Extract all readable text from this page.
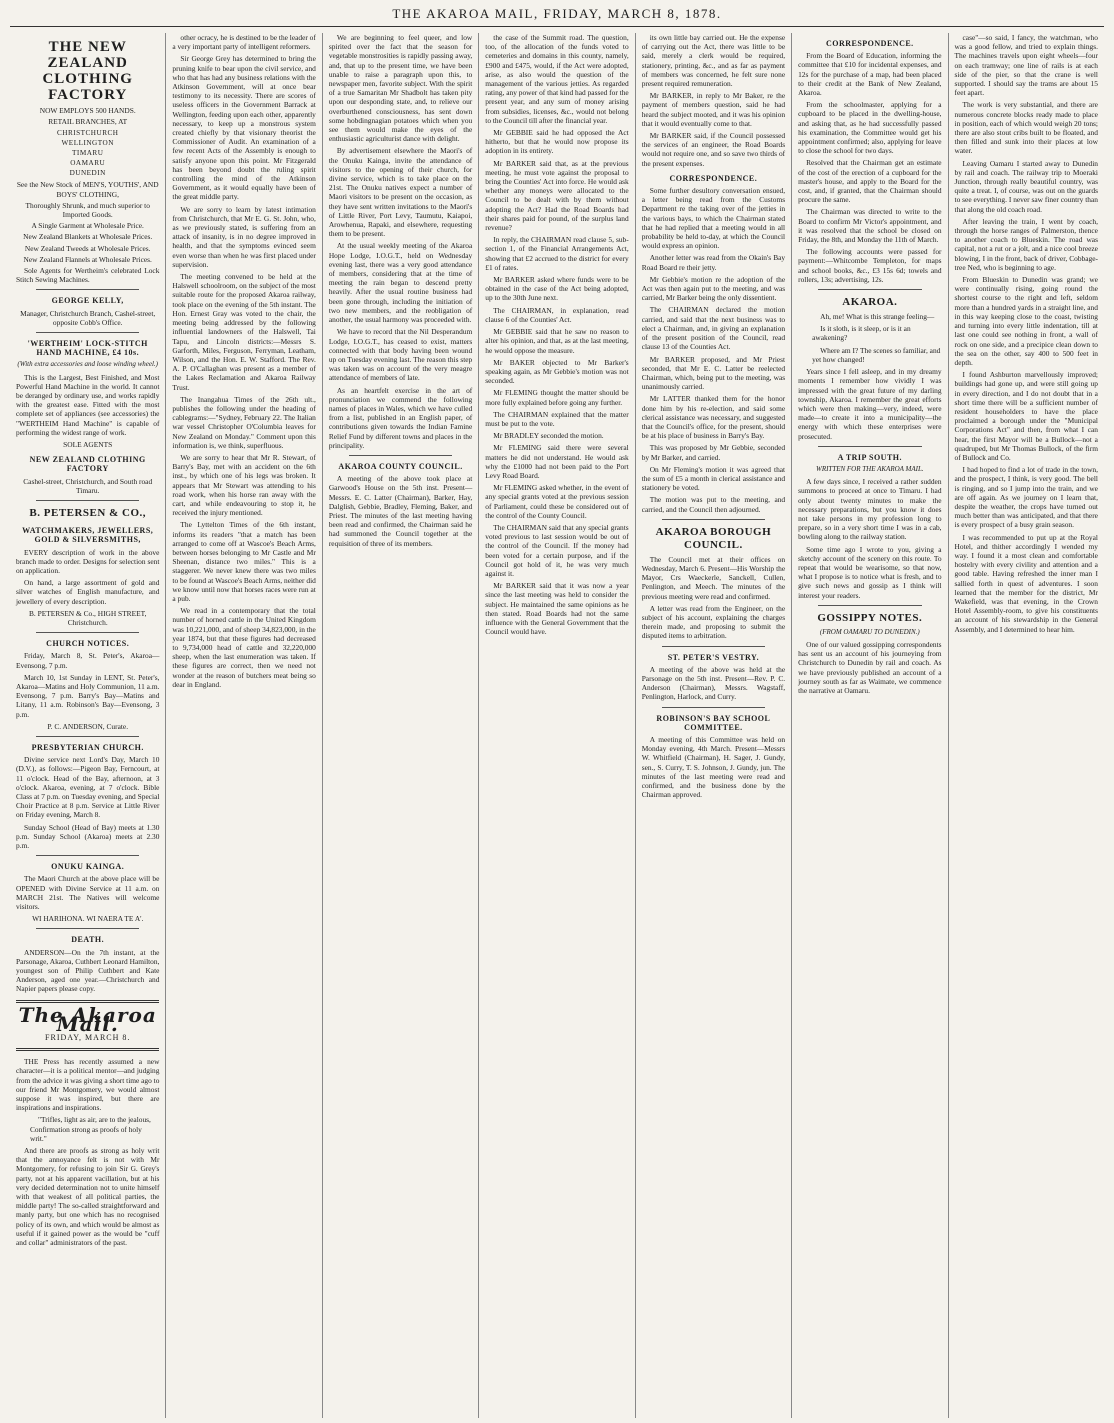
THE AKAROA MAIL, FRIDAY, MARCH 8, 1878.
THE NEW ZEALAND CLOTHING FACTORY
NOW EMPLOYS 500 HANDS.
RETAIL BRANCHES, AT
CHRISTCHURCH
WELLINGTON
TIMARU
OAMARU
DUNEDIN
See the New Stock of MEN'S, YOUTHS', AND BOYS' CLOTHING,
Thoroughly Shrunk, and much superior to Imported Goods.
A Single Garment at Wholesale Price.
New Zealand Blankets at Wholesale Prices.
New Zealand Tweeds at Wholesale Prices.
New Zealand Flannels at Wholesale Prices.

Sole Agents for Wertheim's celebrated Lock Stitch Sewing Machines.

GEORGE KELLY,
Manager, Christchurch Branch, Cashel-street, opposite Cobb's Office.
'WERTHEIM' LOCK-STITCH HAND MACHINE, £4 10s.
(With extra accessories and loose winding wheel.)

This is the Largest, Best Finished, and Most Powerful Hand Machine in the world. It cannot be deranged by ordinary use, and works rapidly with the greatest ease. Fitted with the most complete set of appliances (see accessories) the "WERTHEIM Hand Machine" is capable of performing the widest range of work.

SOLE AGENTS
NEW ZEALAND CLOTHING FACTORY
Cashel-street, Christchurch, and South road Timaru.
B. PETERSEN & CO.,
WATCHMAKERS, JEWELLERS, GOLD & SILVERSMITHS,

EVERY description of work in the above branch made to order. Designs for selection sent on application.

On hand, a large assortment of gold and silver watches of English manufacture, and jewellery of every description.

B. PETERSEN & Co., HIGH STREET, Christchurch.
CHURCH NOTICES.

Friday, March 8, St. Peter's, Akaroa—Evensong, 7 p.m.

March 10, 1st Sunday in LENT, St. Peter's, Akaroa—Matins and Holy Communion, 11 a.m. Evensong, 7 p.m. Barry's Bay—Matins and Litany, 11 a.m. Robinson's Bay—Evensong, 3 p.m.

P. C. ANDERSON, Curate.
PRESBYTERIAN CHURCH.

Divine service next Lord's Day, March 10 (D.V.), as follows:—Pigeon Bay, Ferncourt, at 11 o'clock. Head of the Bay, afternoon, at 3 o'clock. Akaroa, evening, at 7 o'clock. Bible Class at 7 p.m. on Tuesday evening, and Special Choir Practice at 8 p.m. Service at Little River on Friday evening, March 8.

Sunday School (Head of Bay) meets at 1.30 p.m. Sunday School (Akaroa) meets at 2.30 p.m.

ONUKU KAINGA.

The Maori Church at the above place will be OPENED with Divine Service at 11 a.m. on MARCH 21st. The Natives will welcome visitors.

WI HARIHONA. WI NAERA TE A'.
DEATH.

ANDERSON—On the 7th instant, at the Parsonage, Akaroa, Cuthbert Leonard Hamilton, youngest son of Philip Cuthbert and Kate Anderson, aged one year.—Christchurch and Napier papers please copy.

The Akaroa Mail.
FRIDAY, MARCH 8.

THE Press has recently assumed a new character—it is a political mentor—and judging from the advice it was giving a short time ago to our friend Mr Montgomery, we would almost suppose it was inspired, but there are inspirations and inspirations.

"Trifles, light as air, are to the jealous, Confirmation strong as proofs of holy writ."

And there are proofs as strong as holy writ that the annoyance felt is not with Mr Montgomery, for refusing to join Sir G. Grey's party, not at his apparent vacillation, but at his very decided determination not to unite himself with that weakest of all political parties, the middle party! The so-called straightforward and manly party, but one which has no recognised policy of its own, and which would be almost as useful if it gained power as the would be "cuff and collar" administrators of the past.

other ocracy, he is destined to be the leader of a very important party of intelligent reformers.

Sir George Grey has determined to bring the pruning knife to bear upon the civil service, and who that has had any business relations with the Atkinson Government, will at once bear testimony to its necessity. There are scores of useless officers in the Government Barrack at Wellington, feeding upon each other, apparently necessary, to keep up a monstrous system created chiefly by that visionary theorist the Commissioner of Audit. An examination of a few recent Acts of the Assembly is enough to satisfy anyone upon this point. Mr Fitzgerald has been beyond doubt the ruling spirit controlling the mind of the Atkinson Government, as it would equally have been of the great middle party.

We are sorry to learn by latest intimation from Christchurch, that Mr E. G. St. John, who, as we previously stated, is suffering from an attack of insanity, is in no degree improved in health, and that the symptoms evinced seem even worse than when he was first placed under supervision.

The meeting convened to be held at the Halswell schoolroom, on the subject of the most suitable route for the proposed Akaroa railway, took place on the evening of the 5th instant. The Hon. Ernest Gray was voted to the chair, the meeting being addressed by the following influential landowners of the Halswell, Tai Tapu, and Lincoln districts:—Messrs S. Garforth, Miles, Ferguson, Ferryman, Leatham, Wilson, and the Hon. E. W. Stafford. The Rev. A. P. O'Callaghan was present as a member of the Lakes Reclamation and Akaroa Railway Trust.

The Inangahua Times of the 26th ult., publishes the following under the heading of cablegrams:—"Sydney, February 22. The Italian war vessel Christopher O'Columbia leaves for New Zealand on Monday." Comment upon this information is, we think, superfluous.

We are sorry to hear that Mr R. Stewart, of Barry's Bay, met with an accident on the 6th inst., by which one of his legs was broken. It appears that Mr Stewart was attending to his road work, when his horse ran away with the cart, and while endeavouring to stop it, he received the injury mentioned.

The Lyttelton Times of the 6th instant, informs its readers "that a match has been arranged to come off at Wascoe's Beach Arms, between horses belonging to Mr Castle and Mr Sheenan, distance two miles." This is a staggerer. We never knew there was two miles to be found at Wascoe's Beach Arms, neither did we know until now that horses races were run at a pub.

We read in a contemporary that the total number of horned cattle in the United Kingdom was 10,221,000, and of sheep 34,823,000, in the year 1874, but that these figures had decreased to 9,734,000 head of cattle and 32,220,000 sheep, when the last enumeration was taken. If these figures are correct, then we need not wonder at the reason of butchers meat being so dear in England.

We are beginning to feel queer, and low spirited over the fact that the season for vegetable monstrosities is rapidly passing away, and, that up to the present time, we have been unable to raise a paragraph upon this, to newspaper men, favorite subject. With the spirit of a true Samaritan Mr Shadbolt has taken pity upon our desponding state, and, to relieve our overburthened consciousness, has sent down some hobdingnagian potatoes which when you see them would make the eyes of the enthusiastic agriculturist dance with delight.

By advertisement elsewhere the Maori's of the Onuku Kainga, invite the attendance of visitors to the opening of their church, for divine service, which is to take place on the 21st. The Onuku natives expect a number of Maori visitors to be present on the occasion, as they have sent written invitations to the Maori's of Little River, Port Levy, Taumutu, Kaiapoi, Arowhenua, Rapaki, and elsewhere, requesting them to be present.

At the usual weekly meeting of the Akaroa Hope Lodge, I.O.G.T., held on Wednesday evening last, there was a very good attendance of members, considering that at the time of meeting the rain began to descend pretty heavily. After the usual routine business had been gone through, including the initiation of two new members, and the reobligation of another, the usual harmony was proceeded with.

We have to record that the Nil Desperandum Lodge, I.O.G.T., has ceased to exist, matters connected with that body having been wound up on Tuesday evening last. The reason this step was taken was on account of the very meagre attendance of members of late.

As an heartfelt exercise in the art of pronunciation we commend the following names of places in Wales, which we have culled from a list, published in an English paper, of contributions given towards the Indian Famine Relief Fund by different towns and places in the principality.

AKAROA COUNTY COUNCIL.

A meeting of the above took place at Garwood's House on the 5th inst. Present—Messrs. E. C. Latter (Chairman), Barker, Hay, Dalglish, Gebbie, Bradley, Fleming, Baker, and Priest. The minutes of the last meeting having been read and confirmed, the Chairman said he had summoned the Council together at the requisition of three of its members.

the case of the Summit road. The question, too, of the allocation of the funds voted to cemeteries and domains in this county, namely, £900 and £475, would, if the Act were adopted, arise, as also would the question of the management of the various jetties. As regarded rating, any power of that kind had passed for the present year, and any sum of money arising from subsidies, licenses, &c., would not belong to the Council till after the financial year.

Mr GEBBIE said he had opposed the Act hitherto, but that he would now propose its adoption in its entirety.

Mr BARKER said that, as at the previous meeting, he must vote against the proposal to bring the Counties' Act into force. He would ask whether any moneys were allocated to the Council to be dealt with by them without adopting the Act? Had the Road Boards had their shares paid for pound, of the surplus land revenue?

In reply, the CHAIRMAN read clause 5, sub-section 1, of the Financial Arrangements Act, showing that £2 accrued to the district for every £1 of rates.

Mr BARKER asked where funds were to be obtained in the case of the Act being adopted, up to the 30th June next.

The CHAIRMAN, in explanation, read clause 6 of the Counties' Act.

Mr GEBBIE said that he saw no reason to alter his opinion, and that, as at the last meeting, he would oppose the measure.

Mr BAKER objected to Mr Barker's speaking again, as Mr Gebbie's motion was not seconded.

Mr FLEMING thought the matter should be more fully explained before going any further.

The CHAIRMAN explained that the matter must be put to the vote.

Mr BRADLEY seconded the motion.

Mr FLEMING said there were several matters he did not understand. He would ask why the £1000 had not been paid to the Port Levy Road Board.

Mr FLEMING asked whether, in the event of any special grants voted at the previous session of Parliament, could these be considered out of the control of the County Council.

The CHAIRMAN said that any special grants voted previous to last session would be out of the control of the Council. If the money had been voted for a certain purpose, and if the Council got hold of it, he was very much against it.

Mr BARKER said that it was now a year since the last meeting was held to consider the subject. He maintained the same opinions as he then stated. Road Boards had not the same influence with the General Government that the Council would have.

its own little bay carried out. He the expense of carrying out the Act, there was little to be said, merely a clerk would be required, stationery, printing, &c., and as far as payment of members was concerned, he felt sure none present required remuneration.

Mr BARKER, in reply to Mr Baker, re the payment of members question, said he had heard the subject mooted, and it was his opinion that it would eventually come to that.

Mr BARKER said, if the Council possessed the services of an engineer, the Road Boards would not require one, and so save two thirds of the present expenses.

CORRESPONDENCE.

Some further desultory conversation ensued, a letter being read from the Customs Department re the taking over of the jetties in the various bays, to which the Chairman stated that he had replied that a meeting would in all probability be held to-day, at which the Council would express an opinion.

Another letter was read from the Okain's Bay Road Board re their jetty.

Mr Gebbie's motion re the adoption of the Act was then again put to the meeting, and was carried, Mr Barker being the only dissentient.

The CHAIRMAN declared the motion carried, and said that the next business was to elect a Chairman, and, in giving an explanation of the present position of the Council, read clause 13 of the Counties Act.

Mr BARKER proposed, and Mr Priest seconded, that Mr E. C. Latter be reelected Chairman, which, being put to the meeting, was unanimously carried.

Mr LATTER thanked them for the honor done him by his re-election, and said some clerical assistance was necessary, and suggested that the Council's office, for the present, should be at his place of business in Barry's Bay.

This was proposed by Mr Gebbie, seconded by Mr Barker, and carried.

On Mr Fleming's motion it was agreed that the sum of £5 a month in clerical assistance and stationery be voted.

The motion was put to the meeting, and carried, and the Council then adjourned.

AKAROA BOROUGH COUNCIL.

The Council met at their offices on Wednesday, March 6. Present—His Worship the Mayor, Crs Waeckerle, Sanckell, Cullen, Penlington, and Meech. The minutes of the previous meeting were read and confirmed.

A letter was read from the Engineer, on the subject of his account, explaining the charges therein made, and proposing to submit the disputed items to arbitration.

ST. PETER'S VESTRY.

A meeting of the above was held at the Parsonage on the 5th inst. Present—Rev. P. C. Anderson (Chairman), Messrs. Wagstaff, Penlington, Harlock, and Curry.

ROBINSON'S BAY SCHOOL COMMITTEE.

A meeting of this Committee was held on Monday evening, 4th March. Present—Messrs W. Whitfield (Chairman), H. Sager, J. Gundy, sen., S. Curry, T. S. Johnson, J. Gundy, jun. The minutes of the last meeting were read and confirmed, and the business done by the Chairman approved.

CORRESPONDENCE.

From the Board of Education, informing the committee that £10 for incidental expenses, and 12s for the purchase of a map, had been placed to their credit at the Bank of New Zealand, Akaroa.

From the schoolmaster, applying for a cupboard to be placed in the dwelling-house, and asking that, as he had successfully passed his examination, the Committee would get his appointment confirmed; also, applying for leave to close the school for two days.

Resolved that the Chairman get an estimate of the cost of the erection of a cupboard for the master's house, and apply to the Board for the cost, and, if granted, that the Chairman should procure the same.

The Chairman was directed to write to the Board to confirm Mr Victor's appointment, and it was resolved that the school be closed on Friday, the 8th, and Monday the 11th of March.

The following accounts were passed for payment:—Whitcombe Templeton, for maps and school books, &c., £3 15s 6d; towels and rollers, 13s; advertising, 12s.

AKAROA.

Ah, me! What is this strange feeling—

Is it sloth, is it sleep, or is it an awakening?

Where am I? The scenes so familiar, and yet how changed!

Years since I fell asleep, and in my dreamy moments I remember how vividly I was impressed with the great future of my darling township, Akaroa. I remember the great efforts which were then making—very, indeed, were made—to create it into a municipality—the energy with which these enterprises were prosecuted.

A TRIP SOUTH.
WRITTEN FOR THE AKAROA MAIL.

A few days since, I received a rather sudden summons to proceed at once to Timaru. I had only about twenty minutes to make the necessary preparations, but you know it does not take persons in my profession long to prepare, so in a very short time I was in a cab, bowling along to the railway station.

Some time ago I wrote to you, giving a sketchy account of the scenery on this route. To repeat that would be wearisome, so that now, what I propose is to notice what is fresh, and to give such news and gossip as I think will interest your readers.

GOSSIPPY NOTES.
(FROM OAMARU TO DUNEDIN.)

One of our valued gossipping correspondents has sent us an account of his journeying from Christchurch to Dunedin by rail and coach. As we have previously published an account of a journey south as far as Waimate, we commence the narrative at Oamaru.

case"—so said, I fancy, the watchman, who was a good fellow, and tried to explain things. The machines travels upon eight wheels—four on each tramway; one line of rails is at each side of the pier, so that the crane is well supported. I should say the trams are about 15 feet apart.

The work is very substantial, and there are numerous concrete blocks ready made to place in position, each of which would weigh 20 tons; there are also stout cribs built to be floated, and then filled and sunk into their places at low water.

Leaving Oamaru I started away to Dunedin by rail and coach. The railway trip to Moeraki Junction, through really beautiful country, was quite a treat. I, of course, was out on the guards to see everything. I never saw finer country than that along the old coach road.

After leaving the train, I went by coach, through the horse ranges of Palmerston, thence to another coach to Blueskin. The road was capital, not a rut or a jolt, and a nice cool breeze blowing, I in the front, back of driver, Cobbage-tree Ned, who is beginning to age.

From Blueskin to Dunedin was grand; we were continually rising, going round the shortest course to the right and left, seldom more than a hundred yards in a straight line, and in this way keeping close to the coast, twisting and turning into every little indentation, till at last one could see nothing in front, a wall of rock on one side, and a precipice clean down to the sea on the other, say 400 to 500 feet in depth.

I found Ashburton marvellously improved; buildings had gone up, and were still going up in every direction, and I do not doubt that in a short time there will be a sufficient number of resident householders to have the place proclaimed a borough under the "Municipal Corporations Act" and then, from what I can hear, the first Mayor will be a Bullock—not a quadruped, but Mr Thomas Bullock, of the firm of Bullock and Co.

I had hoped to find a lot of trade in the town, and the prospect, I think, is very good. The bell is ringing, and so I jump into the train, and we are off again. As we journey on I learn that, despite the weather, the crops have turned out much better than was anticipated, and that there is every prospect of a busy grain season.

I was recommended to put up at the Royal Hotel, and thither accordingly I wended my way. I found it a most clean and comfortable hostelry with every civility and attention and a good table. Having refreshed the inner man I sallied forth in quest of adventures. I soon learned that the member for the district, Mr Wakefield, was that evening, in the Crown Hotel Assembly-room, to give his constituents an account of his stewardship in the General Assembly, and I determined to hear him.
